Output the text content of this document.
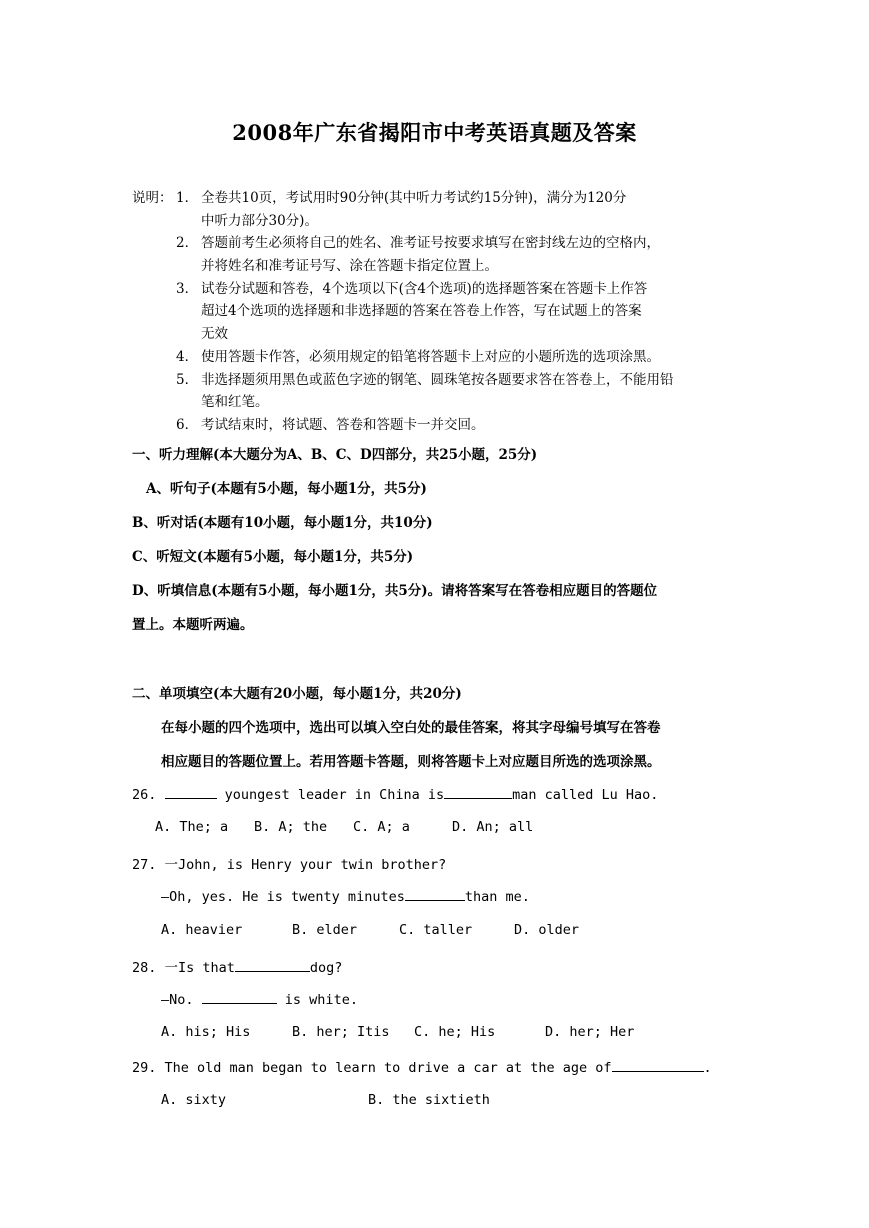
2008年广东省揭阳市中考英语真题及答案
说明： 1． 全卷共10页，考试用时90分钟(其中听力考试约15分钟)，满分为120分
中听力部分30分)。
2． 答题前考生必须将自己的姓名、准考证号按要求填写在密封线左边的空格内，
并将姓名和准考证号写、涂在答题卡指定位置上。
3． 试卷分试题和答卷，4个选项以下(含4个选项)的选择题答案在答题卡上作答
超过4个选项的选择题和非选择题的答案在答卷上作答，写在试题上的答案
无效
4． 使用答题卡作答，必须用规定的铅笔将答题卡上对应的小题所选的选项涂黑。
5． 非选择题须用黑色或蓝色字迹的钢笔、圆珠笔按各题要求答在答卷上，不能用铅
笔和红笔。
6． 考试结束时，将试题、答卷和答题卡一并交回。
一、听力理解(本大题分为A、B、C、D四部分，共25小题，25分)
A、听句子(本题有5小题，每小题1分，共5分)
B、听对话(本题有10小题，每小题1分，共10分)
C、听短文(本题有5小题，每小题1分，共5分)
D、听填信息(本题有5小题，每小题1分，共5分)。请将答案写在答卷相应题目的答题位
置上。本题听两遍。
二、单项填空(本大题有20小题，每小题1分，共20分)
在每小题的四个选项中，选出可以填入空白处的最佳答案，将其字母编号填写在答卷
相应题目的答题位置上。若用答题卡答题，则将答题卡上对应题目所选的选项涂黑。
26.	youngest leader in China is	man called Lu Hao.
A. The; a B. A; the C. A; a	D. An; all
27. 一John, is Henry your twin brother?
—Oh, yes. He is twenty minutes	than me.
A. heavier	B. elder	C. taller	D. older
28. 一Is that	dog?
—No.	is white.
A. his; His	B. her; Itis C. he; His	D. her; Her
29. The old man began to learn to drive a car at the age of	.
A. sixty	B. the sixtieth
